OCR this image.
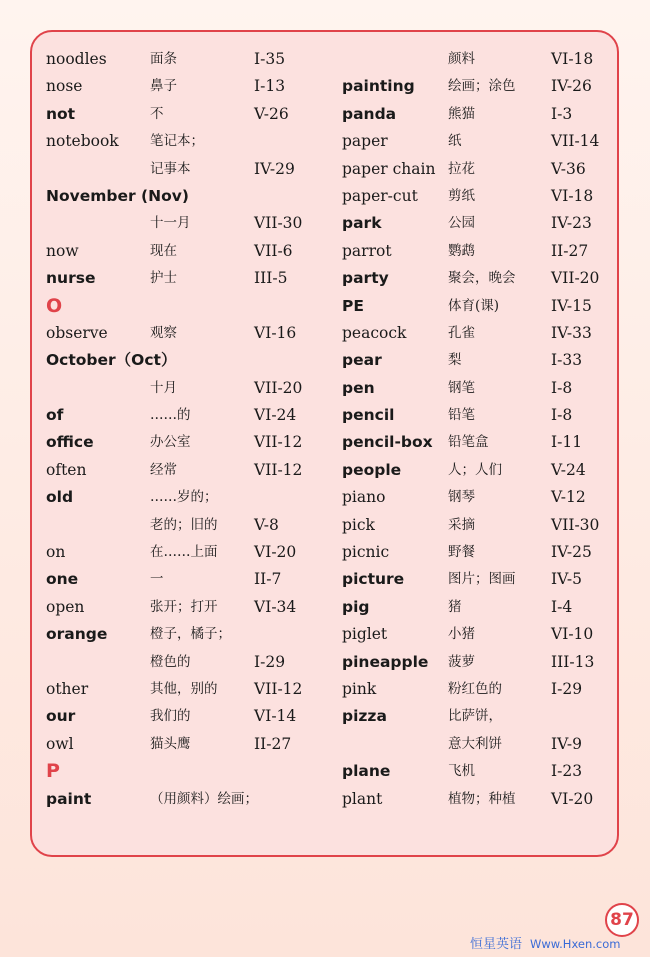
noodles	面条	I-35
nose	鼻子	I-13
not	不	V-26
notebook 笔记本；
记事本	IV-29
November (Nov)
十一月	VII-30
now	现在	VII-6
nurse	护士	III-5
O
observe	观察	VI-16
October（Oct）
十月	VII-20
of	……的	VI-24
office	办公室	VII-12
often	经常	VII-12
old	……岁的；
老的；旧的 V-8
on	在……上面 VI-20
one	一	II-7
open	张开；打开 VI-34
orange	橙子，橘子；
橙色的	I-29
other	其他，别的 VII-12
our	我们的	VI-14
owl	猫头鹰	II-27
P
paint	（用颜料）绘画；
颜料	VI-18
painting 绘画；涂色 IV-26
panda	熊猫	I-3
paper	纸	VII-14
paper chain 拉花	V-36
paper-cut 剪纸	VI-18
park	公园	IV-23
parrot	鹦鹉	II-27
party	聚会，晚会 VII-20
PE	体育(课)	IV-15
peacock	孔雀	IV-33
pear	梨	I-33
pen	钢笔	I-8
pencil	铅笔	I-8
pencil-box 铅笔盒	I-11
people	人；人们	V-24
piano	钢琴	V-12
pick	采摘	VII-30
picnic	野餐	IV-25
picture	图片；图画 IV-5
pig	猪	I-4
piglet	小猪	VI-10
pineapple 菠萝	III-13
pink	粉红色的	I-29
pizza	比萨饼，
意大利饼	IV-9
plane	飞机	I-23
plant	植物；种植 VI-20
87
恒星英语 Www.Hxen.com
